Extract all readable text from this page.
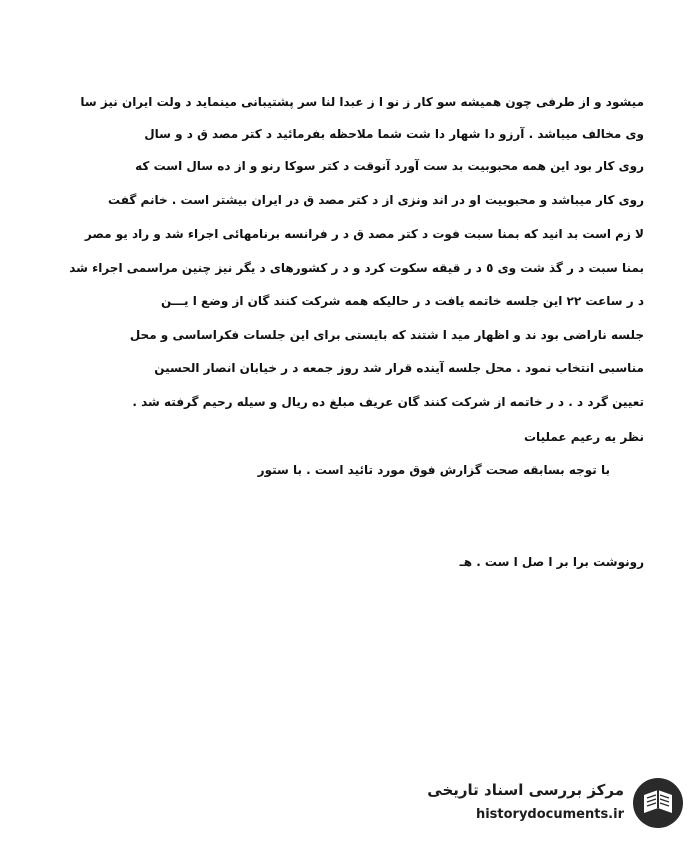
میشود و از طرفی چون همیشه سو کار ز نو ا ز عبدا لنا سر پشتیبانی مینماید د ولت ایران نیز سا
وی مخالف میباشد . آرزو دا شهار دا شت شما ملاحظه بفرمائید د کتر مصد ق د و سال
روی کار بود این همه محبوبیت بد ست آورد آنوقت د کتر سوکا رنو و از ده سال است که
روی کار میباشد و محبوبیت او در اند ونزی از د کتر مصد ق در ایران بیشتر است . خانم گفت
لا زم است بد انید که بمنا سبت فوت د کتر مصد ق د ر فرانسه برنامهائی اجراء شد و راد یو مصر
بمنا سبت د ر گذ شت وی ٥ د ر قیقه سکوت کرد و د ر کشورهای د یگر نیز چنین مراسمی اجراء شد
د ر ساعت ٢٢ این جلسه خاتمه یافت د ر حالیکه همه شرکت کنند گان از وضع ا یـــن
جلسه ناراضی بود ند و اظهار مید ا شتند که بایستی برای این جلسات فکراساسی و محل
مناسبی انتخاب نمود . محل جلسه آینده قرار شد روز جمعه د ر خیابان انصار الحسین
تعیین گرد د . د ر خاتمه از شرکت کنند گان عریف مبلغ ده ریال و سیله رحیم گرفته شد .
نظر یه رعیم عملیات
با توجه بسابقه صحت گزارش فوق مورد تائید است . با ستور
رونوشت برا بر ا صل ا ست . هـ
مرکز بررسی اسناد تاریخی
historydocuments.ir
